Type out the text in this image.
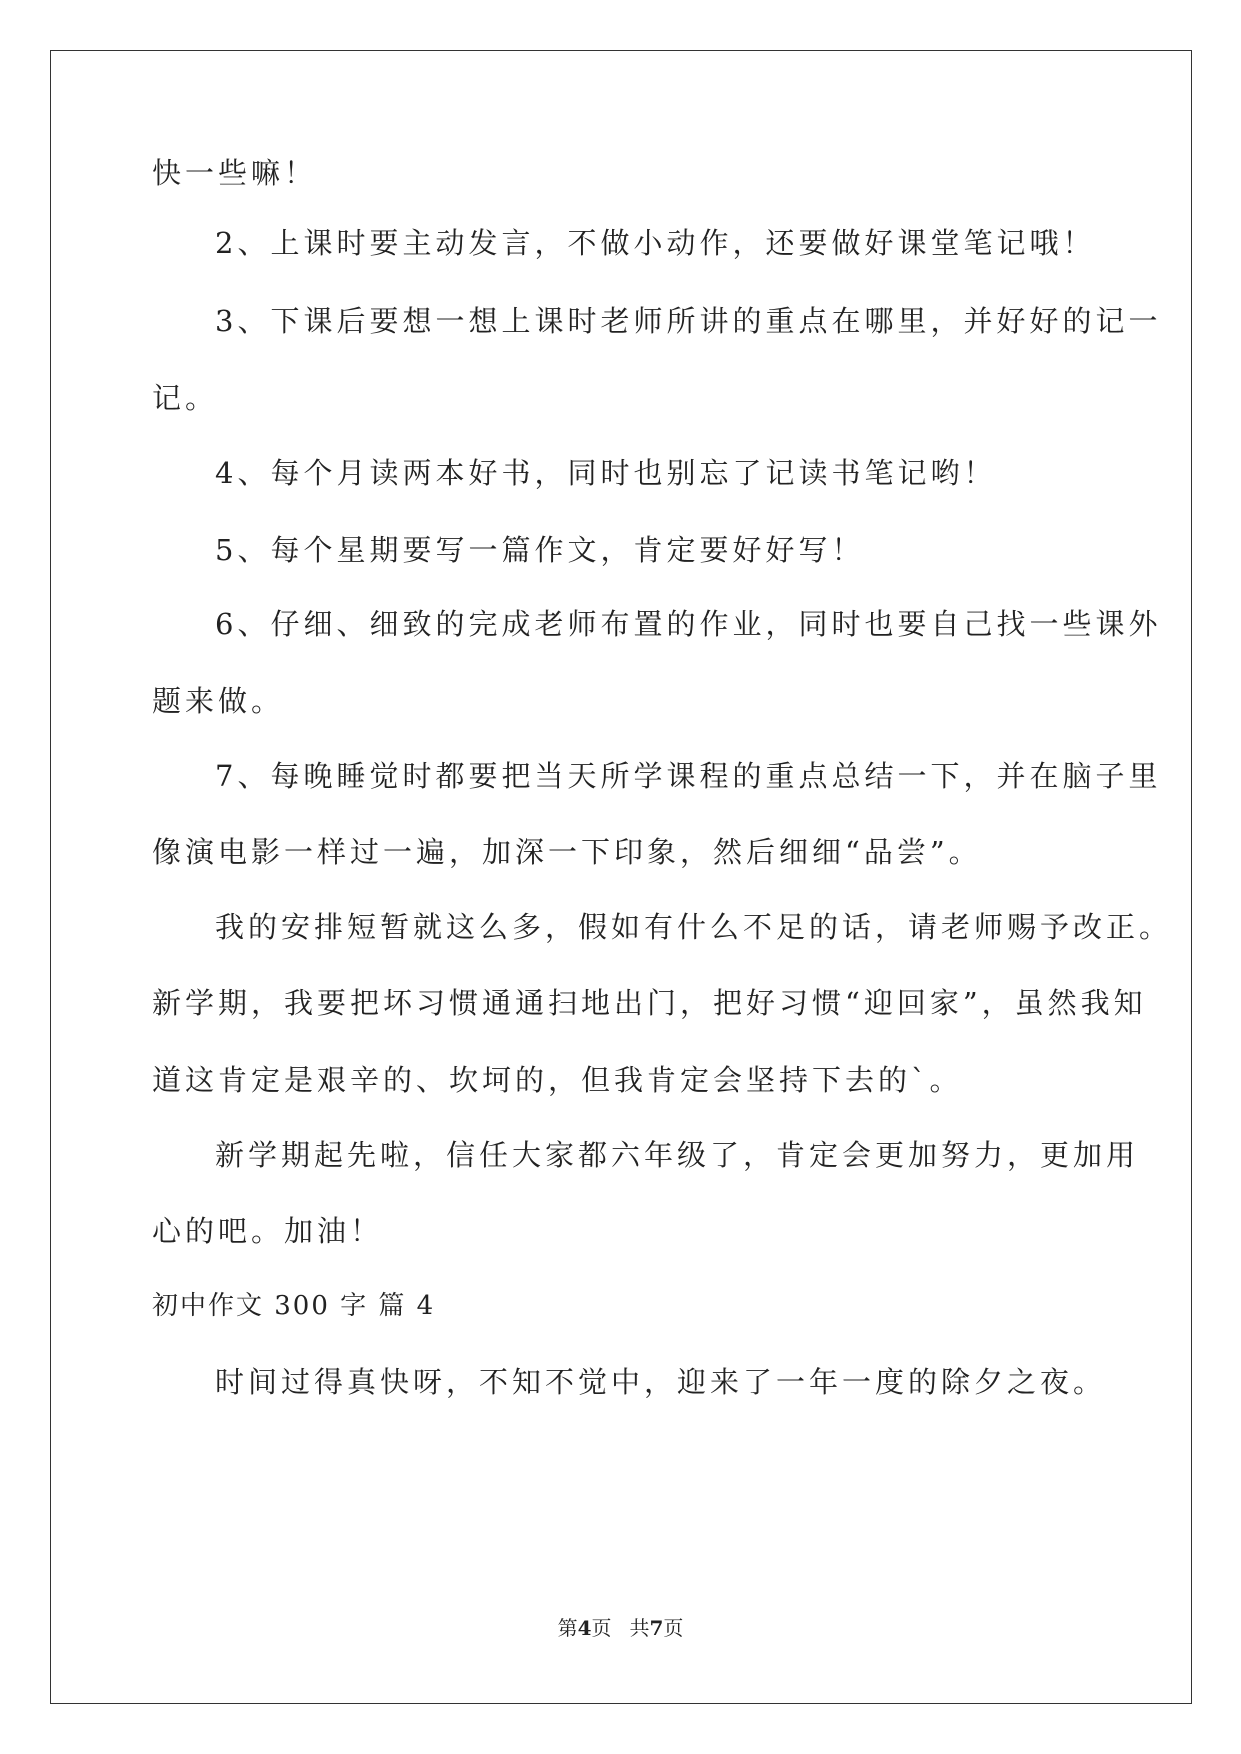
快一些嘛！
2、上课时要主动发言，不做小动作，还要做好课堂笔记哦！
3、下课后要想一想上课时老师所讲的重点在哪里，并好好的记一
记。
4、每个月读两本好书，同时也别忘了记读书笔记哟！
5、每个星期要写一篇作文，肯定要好好写！
6、仔细、细致的完成老师布置的作业，同时也要自己找一些课外
题来做。
7、每晚睡觉时都要把当天所学课程的重点总结一下，并在脑子里
像演电影一样过一遍，加深一下印象，然后细细“品尝”。
我的安排短暂就这么多，假如有什么不足的话，请老师赐予改正。
新学期，我要把坏习惯通通扫地出门，把好习惯“迎回家”，虽然我知
道这肯定是艰辛的、坎坷的，但我肯定会坚持下去的`。
新学期起先啦，信任大家都六年级了，肯定会更加努力，更加用
心的吧。加油！
初中作文 300 字 篇 4
时间过得真快呀，不知不觉中，迎来了一年一度的除夕之夜。
第4页 共7页
